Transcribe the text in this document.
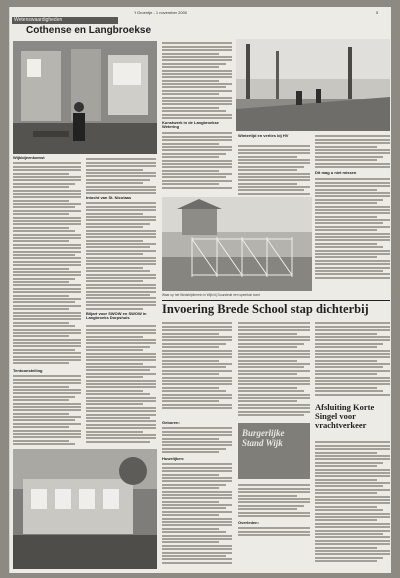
't Groentje - 1 november 2000	5
Wetenswaardigheden
Cothense en Langbroekse
Wijkbijeenkomst
Intocht van St. Nicolaas
Biljart voor SWOW en SWOW in Langbroeks Dorpshuis
Tentoonstelling
Kunstwerk in de Langbroekse Wetering
Wintertijd en verlies bij HV
Dit mag u niet missen
Waar op het Wedstrijdterrein in Wijk bij Duurstede een speeltuin komt
Invoering Brede School stap dichterbij
Geboren:
Huwelijken:
Burgerlijke Stand Wijk
Overleden:
Afsluiting Korte Singel voor vrachtverkeer
